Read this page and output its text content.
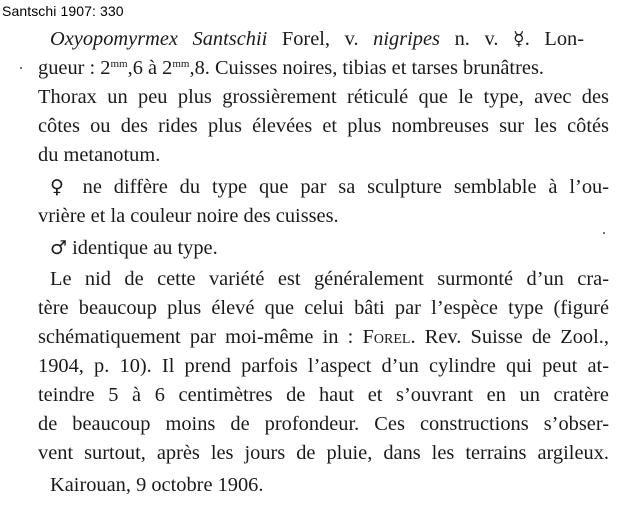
Santschi 1907: 330
Oxyopomyrmex Santschii Forel, v. nigripes n. v. ☿. Lon-
gueur : $2^{mm},6$ à $2^{mm},8$. Cuisses noires, tibias et tarses brunâtres.
Thorax un peu plus grossièrement réticulé que le type, avec des
côtes ou des rides plus élevées et plus nombreuses sur les côtés
du metanotum.
♀ ne diffère du type que par sa sculpture semblable à l’ou-
vrière et la couleur noire des cuisses.
♂ identique au type.
Le nid de cette variété est généralement surmonté d’un cra-
tère beaucoup plus élevé que celui bâti par l’espèce type (figuré
schématiquement par moi-même in : Forel. Rev. Suisse de Zool.,
1904, p. 10). Il prend parfois l’aspect d’un cylindre qui peut at-
teindre 5 à 6 centimètres de haut et s’ouvrant en un cratère
de beaucoup moins de profondeur. Ces constructions s’obser-
vent surtout, après les jours de pluie, dans les terrains argileux.
Kairouan, 9 octobre 1906.
